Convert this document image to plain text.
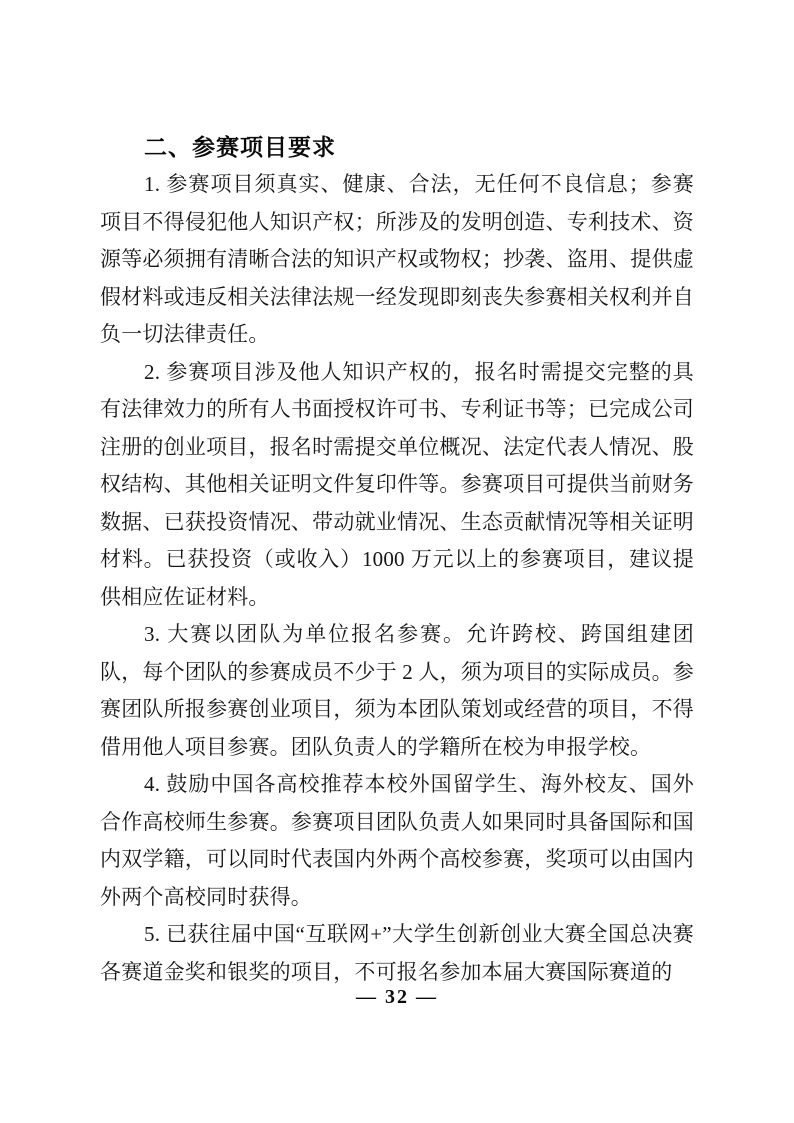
二、参赛项目要求

1. 参赛项目须真实、健康、合法，无任何不良信息；参赛项目不得侵犯他人知识产权；所涉及的发明创造、专利技术、资源等必须拥有清晰合法的知识产权或物权；抄袭、盗用、提供虚假材料或违反相关法律法规一经发现即刻丧失参赛相关权利并自负一切法律责任。

2. 参赛项目涉及他人知识产权的，报名时需提交完整的具有法律效力的所有人书面授权许可书、专利证书等；已完成公司注册的创业项目，报名时需提交单位概况、法定代表人情况、股权结构、其他相关证明文件复印件等。参赛项目可提供当前财务数据、已获投资情况、带动就业情况、生态贡献情况等相关证明材料。已获投资（或收入）1000 万元以上的参赛项目，建议提供相应佐证材料。

3. 大赛以团队为单位报名参赛。允许跨校、跨国组建团队，每个团队的参赛成员不少于 2 人，须为项目的实际成员。参赛团队所报参赛创业项目，须为本团队策划或经营的项目，不得借用他人项目参赛。团队负责人的学籍所在校为申报学校。

4. 鼓励中国各高校推荐本校外国留学生、海外校友、国外合作高校师生参赛。参赛项目团队负责人如果同时具备国际和国内双学籍，可以同时代表国内外两个高校参赛，奖项可以由国内外两个高校同时获得。

5. 已获往届中国“互联网+”大学生创新创业大赛全国总决赛各赛道金奖和银奖的项目，不可报名参加本届大赛国际赛道的

— 32 —
